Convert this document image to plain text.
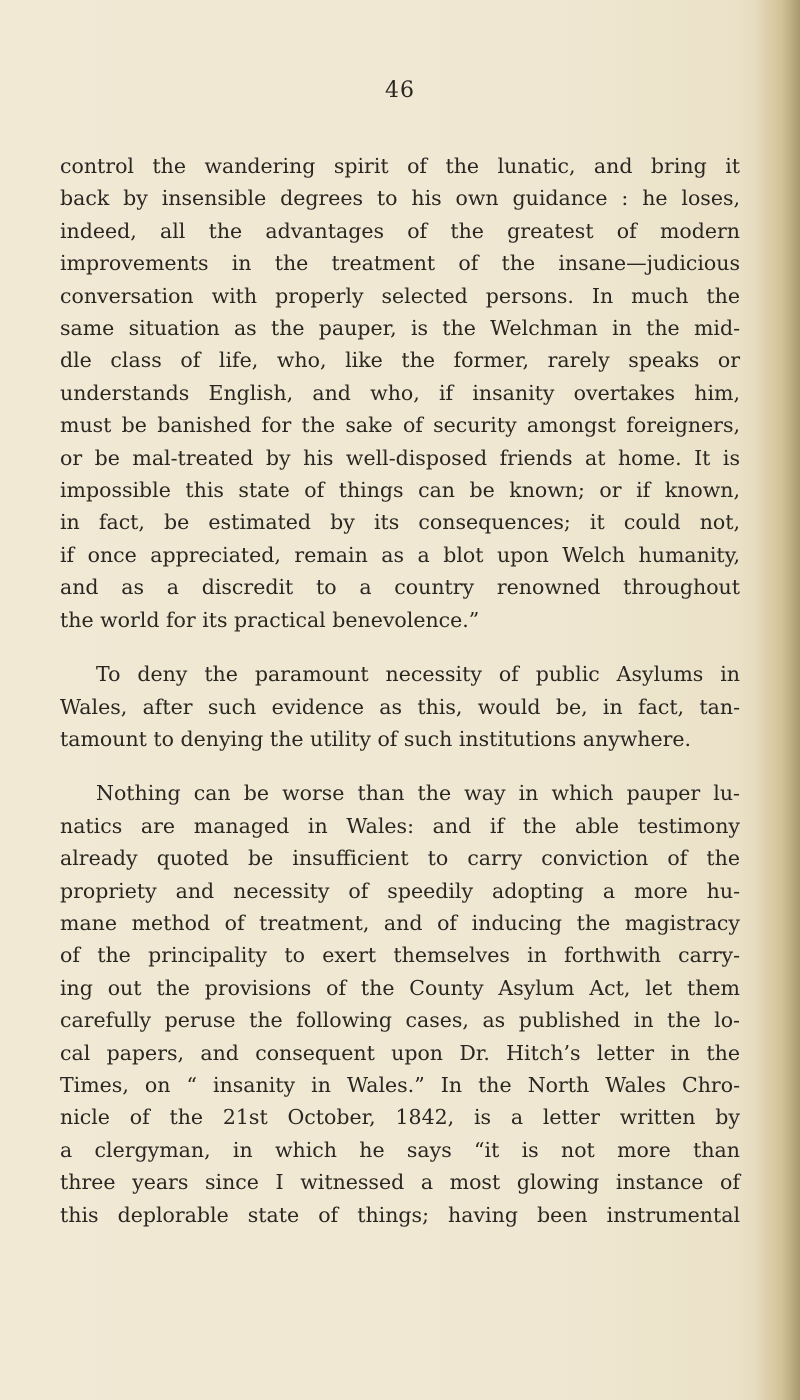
46
control the wandering spirit of the lunatic, and bring it
back by insensible degrees to his own guidance : he loses,
indeed, all the advantages of the greatest of modern
improvements in the treatment of the insane—judicious
conversation with properly selected persons. In much the
same situation as the pauper, is the Welchman in the mid-
dle class of life, who, like the former, rarely speaks or
understands English, and who, if insanity overtakes him,
must be banished for the sake of security amongst foreigners,
or be mal-treated by his well-disposed friends at home. It is
impossible this state of things can be known; or if known,
in fact, be estimated by its consequences; it could not,
if once appreciated, remain as a blot upon Welch humanity,
and as a discredit to a country renowned throughout
the world for its practical benevolence.”
To deny the paramount necessity of public Asylums in
Wales, after such evidence as this, would be, in fact, tan-
tamount to denying the utility of such institutions anywhere.
Nothing can be worse than the way in which pauper lu-
natics are managed in Wales: and if the able testimony
already quoted be insufficient to carry conviction of the
propriety and necessity of speedily adopting a more hu-
mane method of treatment, and of inducing the magistracy
of the principality to exert themselves in forthwith carry-
ing out the provisions of the County Asylum Act, let them
carefully peruse the following cases, as published in the lo-
cal papers, and consequent upon Dr. Hitch’s letter in the
Times, on “ insanity in Wales.” In the North Wales Chro-
nicle of the 21st October, 1842, is a letter written by
a clergyman, in which he says “it is not more than
three years since I witnessed a most glowing instance of
this deplorable state of things; having been instrumental
